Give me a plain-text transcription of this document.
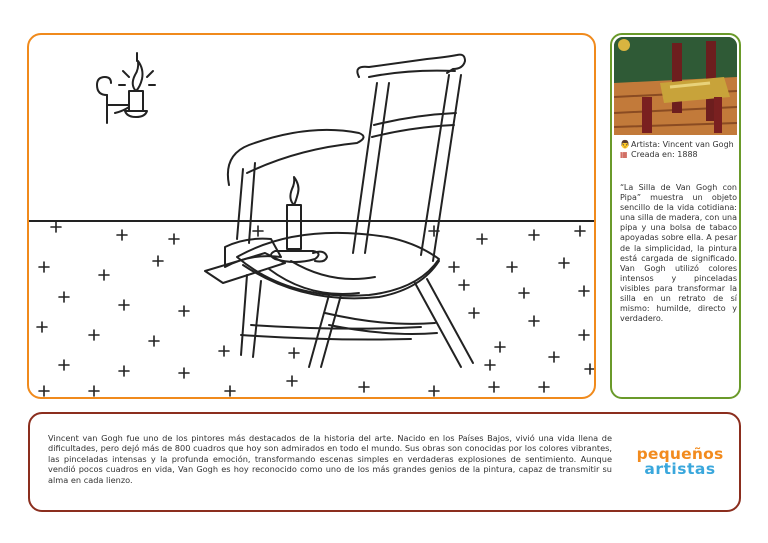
👨 Artista: Vincent van Gogh
▦ Creada en: 1888
“La Silla de Van Gogh con Pipa” muestra un objeto sencillo de la vida cotidiana: una silla de madera, con una pipa y una bolsa de tabaco apoyadas sobre ella. A pesar de la simplicidad, la pintura está cargada de significado. Van Gogh utilizó colores intensos y pinceladas visibles para transformar la silla en un retrato de sí mismo: humilde, directo y verdadero.
Vincent van Gogh fue uno de los pintores más destacados de la historia del arte. Nacido en los Países Bajos, vivió una vida llena de dificultades, pero dejó más de 800 cuadros que hoy son admirados en todo el mundo. Sus obras son conocidas por los colores vibrantes, las pinceladas intensas y la profunda emoción, transformando escenas simples en verdaderas explosiones de sentimiento. Aunque vendió pocos cuadros en vida, Van Gogh es hoy reconocido como uno de los más grandes genios de la pintura, capaz de transmitir su alma en cada lienzo.
pequeños
artistas
